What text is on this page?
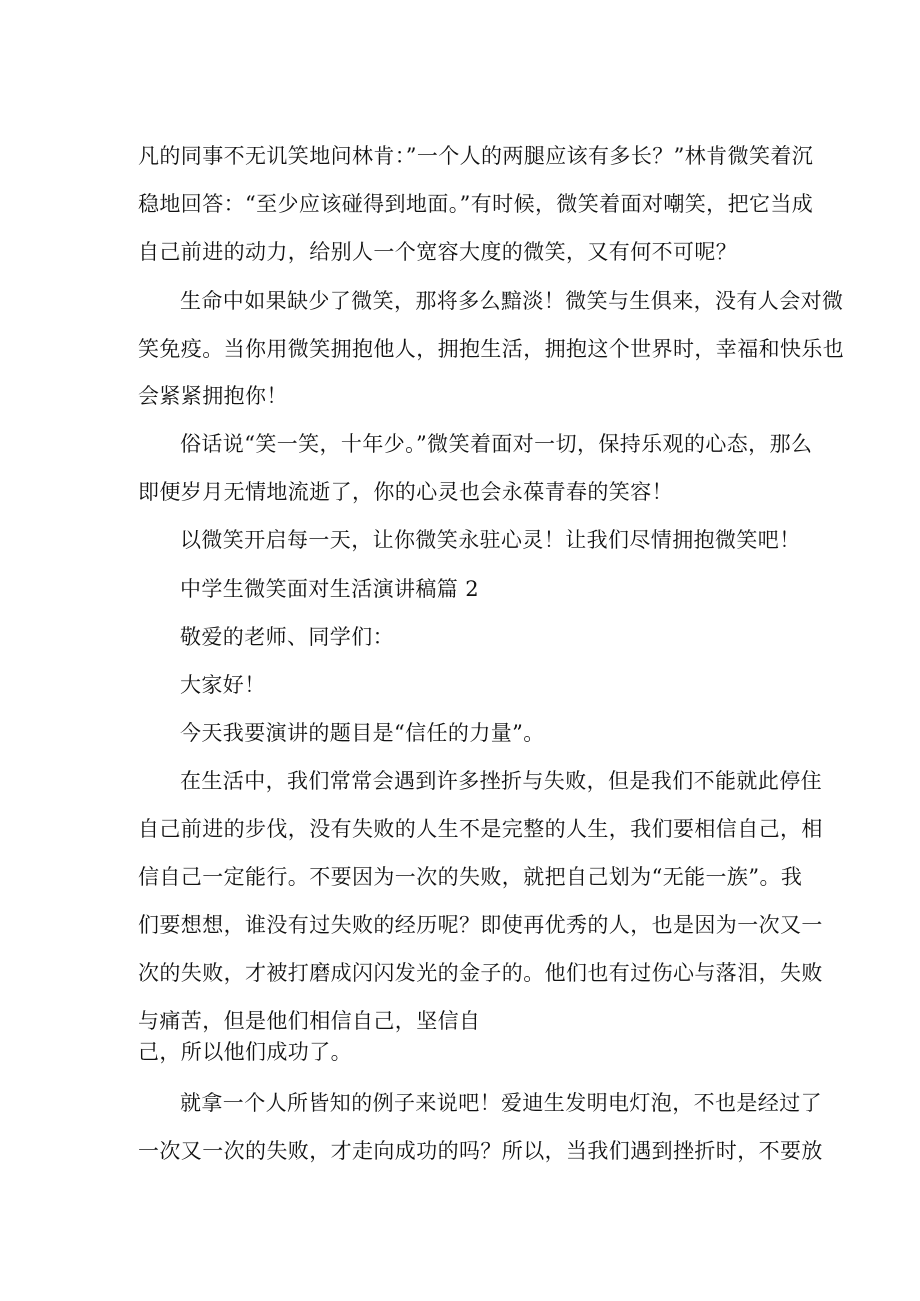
凡的同事不无讥笑地问林肯：”一个人的两腿应该有多长？”林肯微笑着沉
稳地回答：“至少应该碰得到地面。”有时候，微笑着面对嘲笑，把它当成
自己前进的动力，给别人一个宽容大度的微笑，又有何不可呢？
生命中如果缺少了微笑，那将多么黯淡！微笑与生俱来，没有人会对微
笑免疫。当你用微笑拥抱他人，拥抱生活，拥抱这个世界时，幸福和快乐也
会紧紧拥抱你！
俗话说“笑一笑，十年少。”微笑着面对一切，保持乐观的心态，那么
即便岁月无情地流逝了，你的心灵也会永葆青春的笑容！
以微笑开启每一天，让你微笑永驻心灵！让我们尽情拥抱微笑吧！
中学生微笑面对生活演讲稿篇 2
敬爱的老师、同学们：
大家好！
今天我要演讲的题目是“信任的力量”。
在生活中，我们常常会遇到许多挫折与失败，但是我们不能就此停住
自己前进的步伐，没有失败的人生不是完整的人生，我们要相信自己，相
信自己一定能行。不要因为一次的失败，就把自己划为“无能一族”。我
们要想想，谁没有过失败的经历呢？即使再优秀的人，也是因为一次又一
次的失败，才被打磨成闪闪发光的金子的。他们也有过伤心与落泪，失败
与痛苦，但是他们相信自己，坚信自
己，所以他们成功了。
就拿一个人所皆知的例子来说吧！爱迪生发明电灯泡，不也是经过了
一次又一次的失败，才走向成功的吗？所以，当我们遇到挫折时，不要放
